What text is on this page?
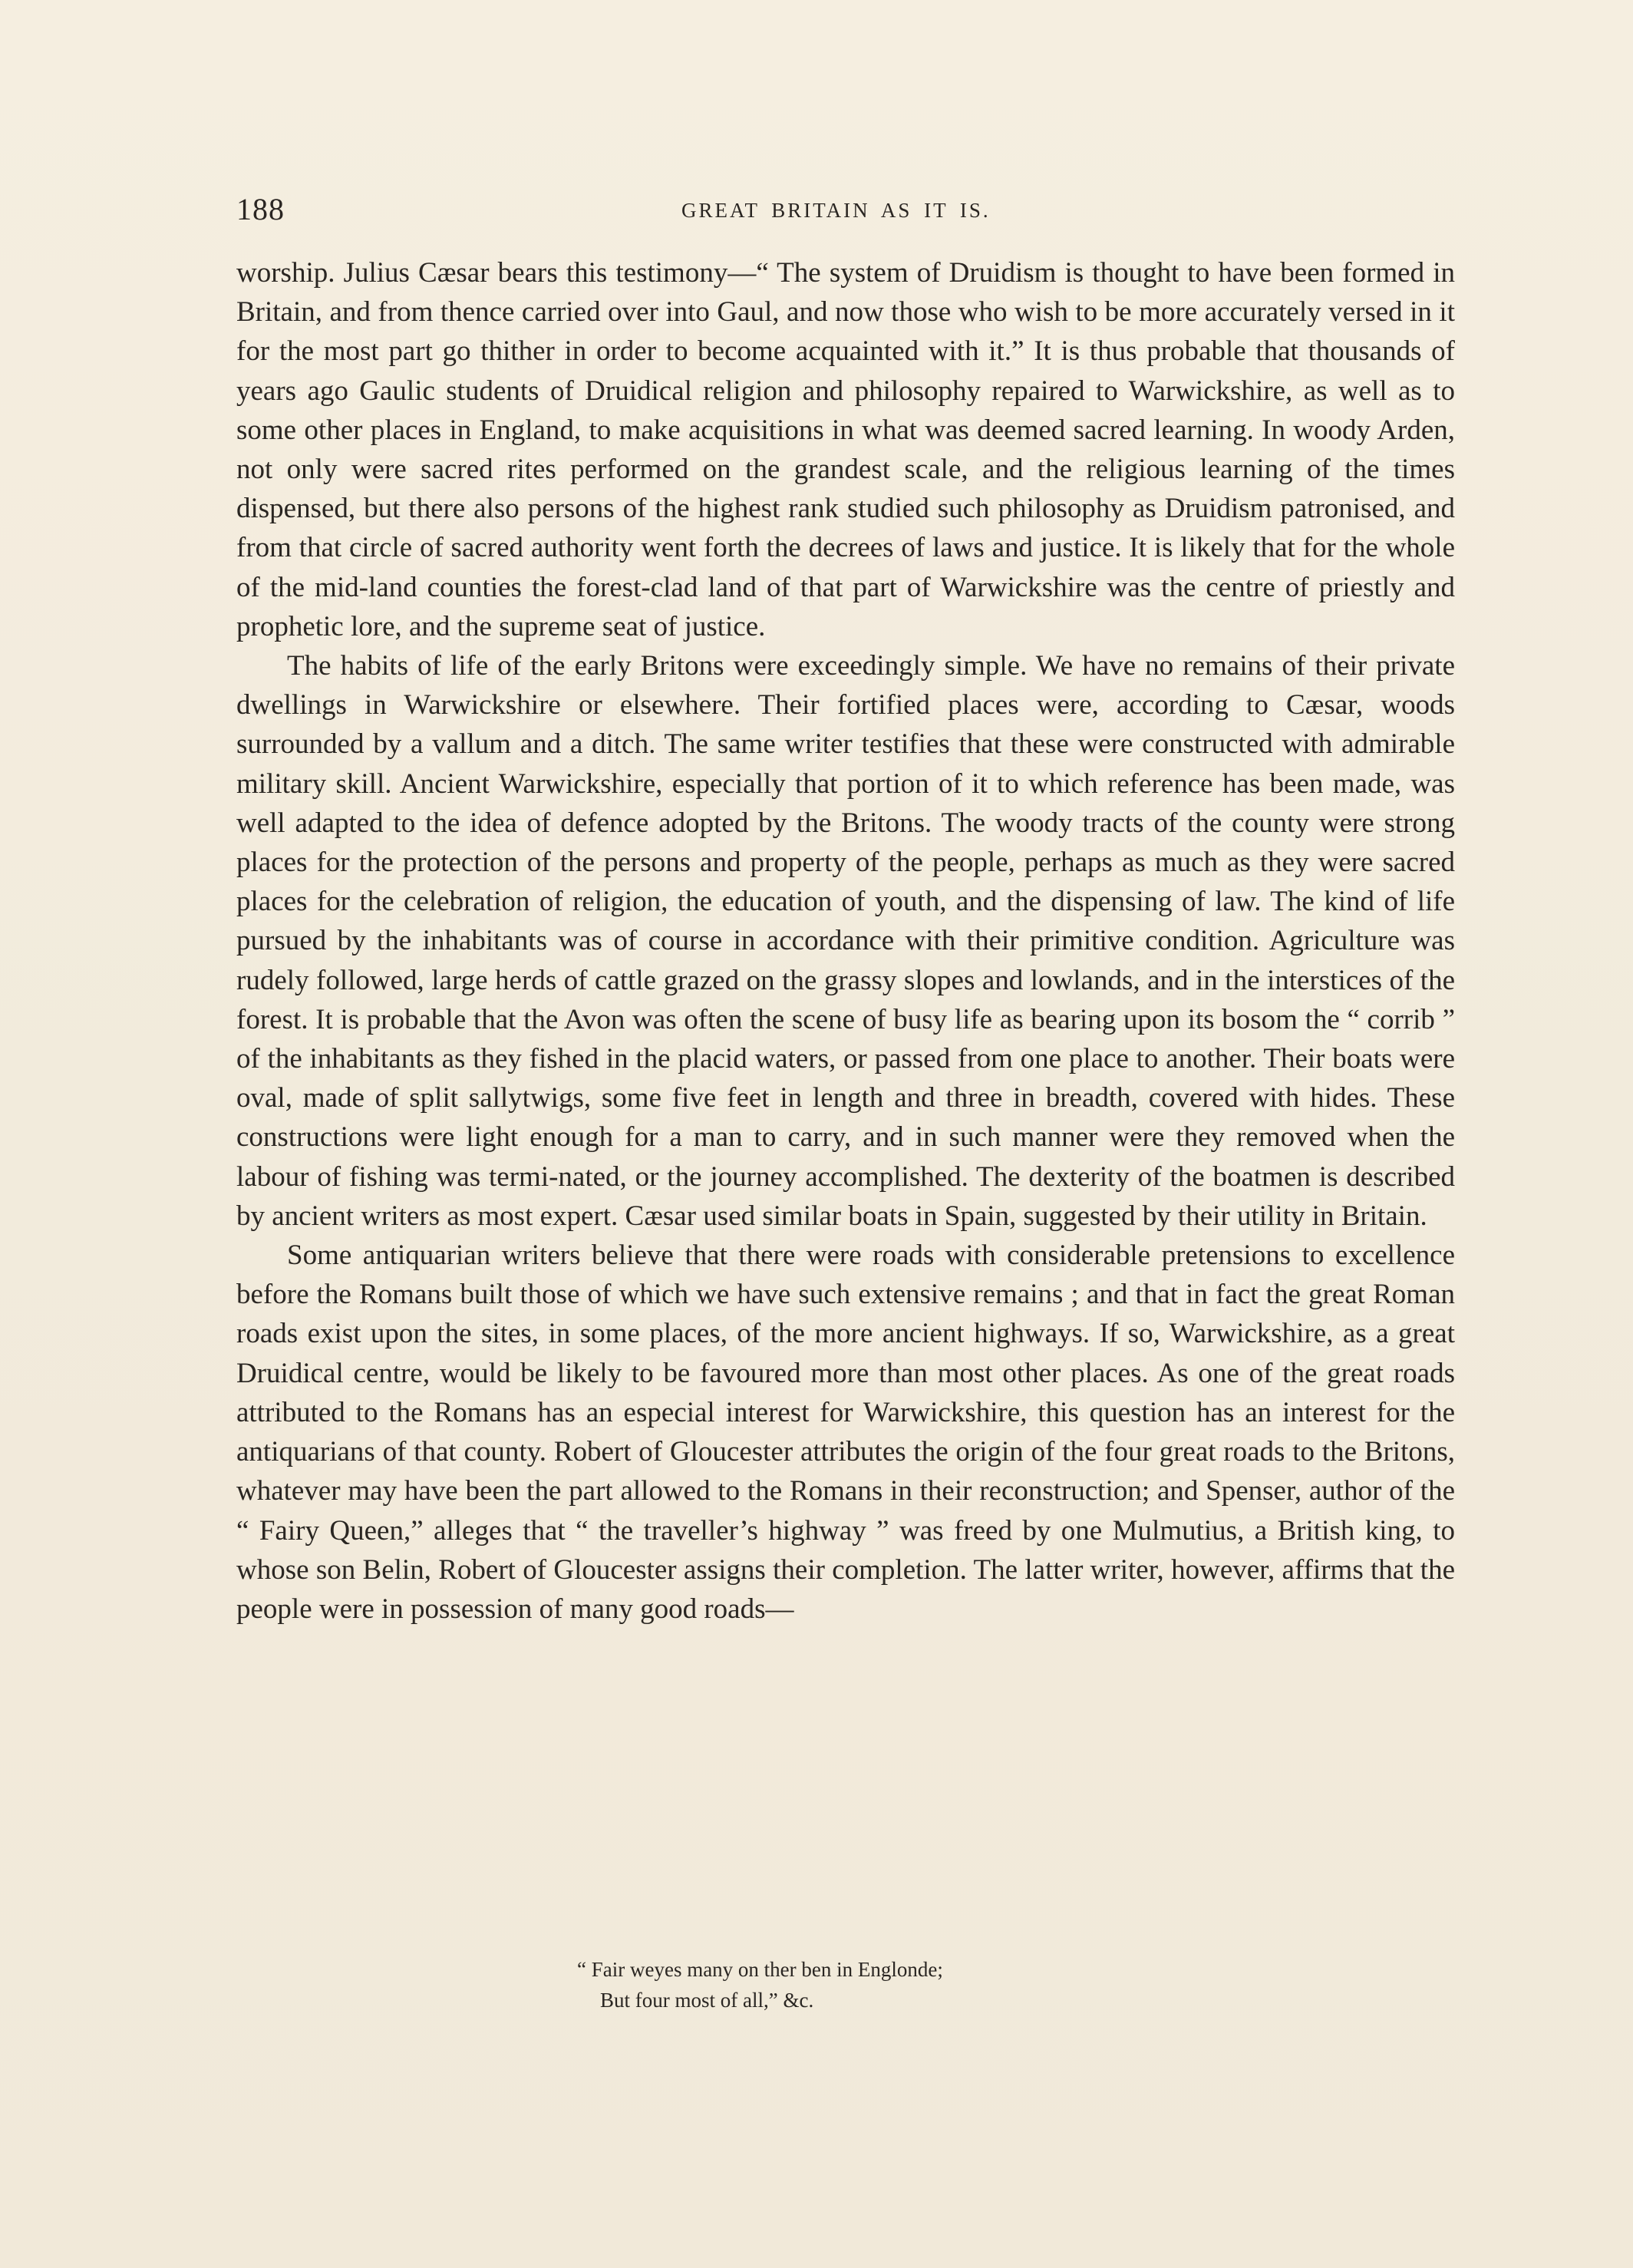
188	GREAT BRITAIN AS IT IS.

worship. Julius Cæsar bears this testimony—“ The system of Druidism is thought to have been formed in Britain, and from thence carried over into Gaul, and now those who wish to be more accurately versed in it for the most part go thither in order to become acquainted with it.” It is thus probable that thousands of years ago Gaulic students of Druidical religion and philosophy repaired to Warwickshire, as well as to some other places in England, to make acquisitions in what was deemed sacred learning. In woody Arden, not only were sacred rites performed on the grandest scale, and the religious learning of the times dispensed, but there also persons of the highest rank studied such philosophy as Druidism patronised, and from that circle of sacred authority went forth the decrees of laws and justice. It is likely that for the whole of the mid-land counties the forest-clad land of that part of Warwickshire was the centre of priestly and prophetic lore, and the supreme seat of justice.

The habits of life of the early Britons were exceedingly simple. We have no remains of their private dwellings in Warwickshire or elsewhere. Their fortified places were, according to Cæsar, woods surrounded by a vallum and a ditch. The same writer testifies that these were constructed with admirable military skill. Ancient Warwickshire, especially that portion of it to which reference has been made, was well adapted to the idea of defence adopted by the Britons. The woody tracts of the county were strong places for the protection of the persons and property of the people, perhaps as much as they were sacred places for the celebration of religion, the education of youth, and the dispensing of law. The kind of life pursued by the inhabitants was of course in accordance with their primitive condition. Agriculture was rudely followed, large herds of cattle grazed on the grassy slopes and lowlands, and in the interstices of the forest. It is probable that the Avon was often the scene of busy life as bearing upon its bosom the “ corrib ” of the inhabitants as they fished in the placid waters, or passed from one place to another. Their boats were oval, made of split sallytwigs, some five feet in length and three in breadth, covered with hides. These constructions were light enough for a man to carry, and in such manner were they removed when the labour of fishing was termi-nated, or the journey accomplished. The dexterity of the boatmen is described by ancient writers as most expert. Cæsar used similar boats in Spain, suggested by their utility in Britain.

Some antiquarian writers believe that there were roads with considerable pretensions to excellence before the Romans built those of which we have such extensive remains ; and that in fact the great Roman roads exist upon the sites, in some places, of the more ancient highways. If so, Warwickshire, as a great Druidical centre, would be likely to be favoured more than most other places. As one of the great roads attributed to the Romans has an especial interest for Warwickshire, this question has an interest for the antiquarians of that county. Robert of Gloucester attributes the origin of the four great roads to the Britons, whatever may have been the part allowed to the Romans in their reconstruction; and Spenser, author of the “ Fairy Queen,” alleges that “ the traveller’s highway ” was freed by one Mulmutius, a British king, to whose son Belin, Robert of Gloucester assigns their completion. The latter writer, however, affirms that the people were in possession of many good roads—

“ Fair weyes many on ther ben in Englonde;
But four most of all,” &c.
